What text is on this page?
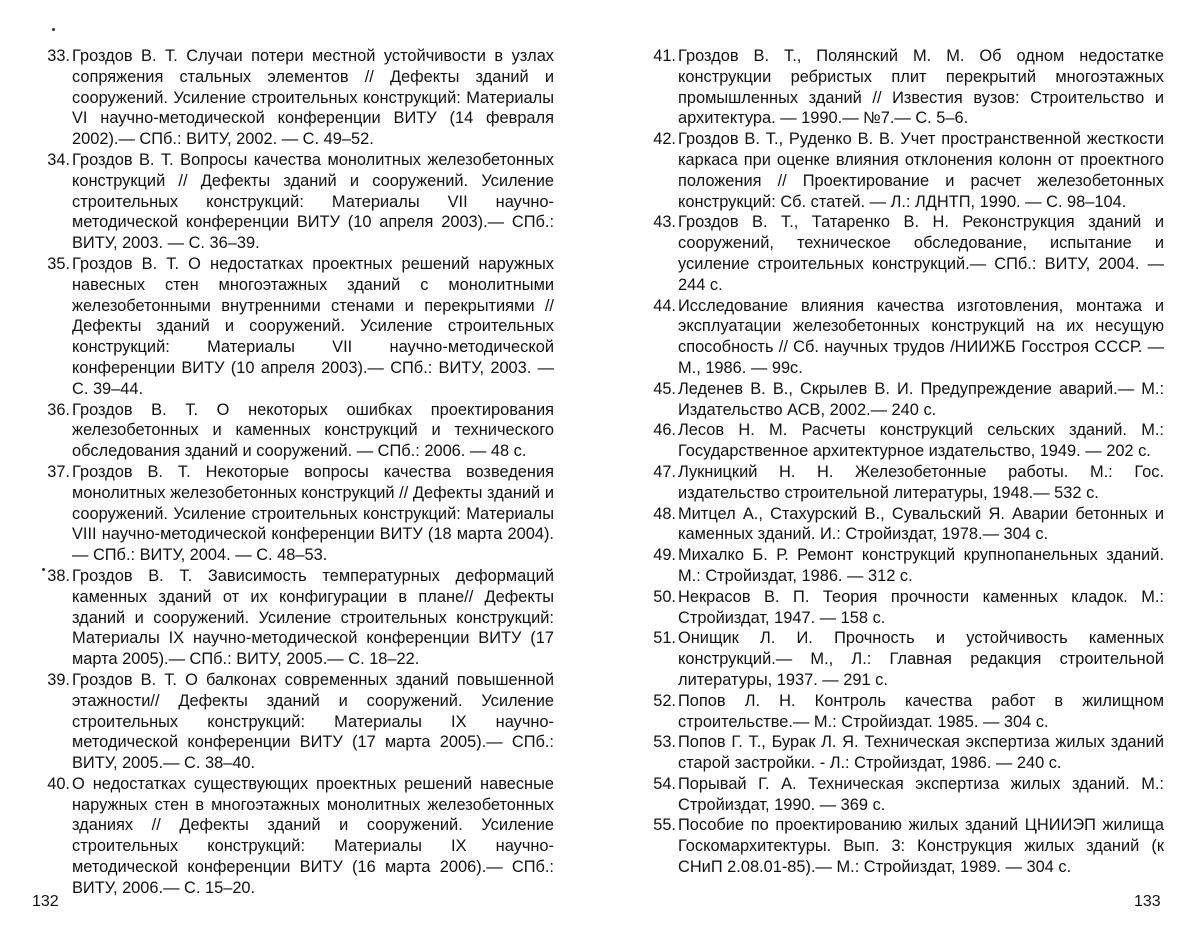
33. Гроздов В. Т. Случаи потери местной устойчивости в узлах сопряжения стальных элементов // Дефекты зданий и сооружений. Усиление строительных конструкций: Материалы VI научно-методической конференции ВИТУ (14 февраля 2002).— СПб.: ВИТУ, 2002. — С. 49–52.
34. Гроздов В. Т. Вопросы качества монолитных железобетонных конструкций // Дефекты зданий и сооружений. Усиление строительных конструкций: Материалы VII научно-методической конференции ВИТУ (10 апреля 2003).— СПб.: ВИТУ, 2003. — С. 36–39.
35. Гроздов В. Т. О недостатках проектных решений наружных навесных стен многоэтажных зданий с монолитными железобетонными внутренними стенами и перекрытиями // Дефекты зданий и сооружений. Усиление строительных конструкций: Материалы VII научно-методической конференции ВИТУ (10 апреля 2003).— СПб.: ВИТУ, 2003. — С. 39–44.
36. Гроздов В. Т. О некоторых ошибках проектирования железобетонных и каменных конструкций и технического обследования зданий и сооружений. — СПб.: 2006. — 48 с.
37. Гроздов В. Т. Некоторые вопросы качества возведения монолитных железобетонных конструкций // Дефекты зданий и сооружений. Усиление строительных конструкций: Материалы VIII научно-методической конференции ВИТУ (18 марта 2004).— СПб.: ВИТУ, 2004. — С. 48–53.
38. Гроздов В. Т. Зависимость температурных деформаций каменных зданий от их конфигурации в плане// Дефекты зданий и сооружений. Усиление строительных конструкций: Материалы IX научно-методической конференции ВИТУ (17 марта 2005).— СПб.: ВИТУ, 2005.— С. 18–22.
39. Гроздов В. Т. О балконах современных зданий повышенной этажности// Дефекты зданий и сооружений. Усиление строительных конструкций: Материалы IX научно-методической конференции ВИТУ (17 марта 2005).— СПб.: ВИТУ, 2005.— С. 38–40.
40. О недостатках существующих проектных решений навесные наружных стен в многоэтажных монолитных железобетонных зданиях // Дефекты зданий и сооружений. Усиление строительных конструкций: Материалы IX научно-методической конференции ВИТУ (16 марта 2006).— СПб.: ВИТУ, 2006.— С. 15–20.
41. Гроздов В. Т., Полянский М. М. Об одном недостатке конструкции ребристых плит перекрытий многоэтажных промышленных зданий // Известия вузов: Строительство и архитектура. — 1990.— №7.— С. 5–6.
42. Гроздов В. Т., Руденко В. В. Учет пространственной жесткости каркаса при оценке влияния отклонения колонн от проектного положения // Проектирование и расчет железобетонных конструкций: Сб. статей. — Л.: ЛДНТП, 1990. — С. 98–104.
43. Гроздов В. Т., Татаренко В. Н. Реконструкция зданий и сооружений, техническое обследование, испытание и усиление строительных конструкций.— СПб.: ВИТУ, 2004. — 244 с.
44. Исследование влияния качества изготовления, монтажа и эксплуатации железобетонных конструкций на их несущую способность // Сб. научных трудов /НИИЖБ Госстроя СССР. — М., 1986. — 99с.
45. Леденев В. В., Скрылев В. И. Предупреждение аварий.— М.: Издательство АСВ, 2002.— 240 с.
46. Лесов Н. М. Расчеты конструкций сельских зданий. М.: Государственное архитектурное издательство, 1949. — 202 с.
47. Лукницкий Н. Н. Железобетонные работы. М.: Гос. издательство строительной литературы, 1948.— 532 с.
48. Митцел А., Стахурский В., Сувальский Я. Аварии бетонных и каменных зданий. И.: Стройиздат, 1978.— 304 с.
49. Михалко Б. Р. Ремонт конструкций крупнопанельных зданий. М.: Стройиздат, 1986. — 312 с.
50. Некрасов В. П. Теория прочности каменных кладок. М.: Стройиздат, 1947. — 158 с.
51. Онищик Л. И. Прочность и устойчивость каменных конструкций.— М., Л.: Главная редакция строительной литературы, 1937. — 291 с.
52. Попов Л. Н. Контроль качества работ в жилищном строительстве.— М.: Стройиздат. 1985. — 304 с.
53. Попов Г. Т., Бурак Л. Я. Техническая экспертиза жилых зданий старой застройки. - Л.: Стройиздат, 1986. — 240 с.
54. Порывай Г. А. Техническая экспертиза жилых зданий. М.: Стройиздат, 1990. — 369 с.
55. Пособие по проектированию жилых зданий ЦНИИЭП жилища Госкомархитектуры. Вып. 3: Конструкция жилых зданий (к СНиП 2.08.01-85).— М.: Стройиздат, 1989. — 304 с.
132	133
